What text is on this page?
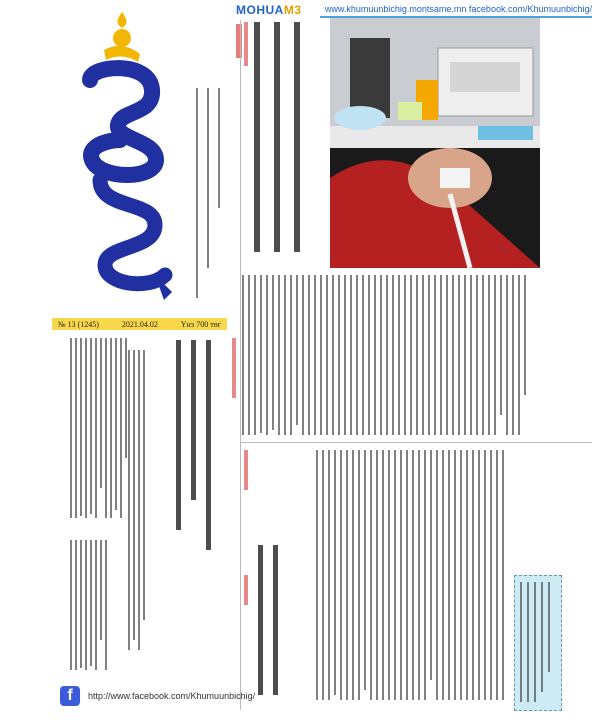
MOHUAM3	www.khumuunbichig.montsame.mn facebook.com/Khumuunbichig/
№ 13 (1245)	2021.04.02	Үнэ 700 төг
f	http://www.facebook.com/Khumuunbichig/
